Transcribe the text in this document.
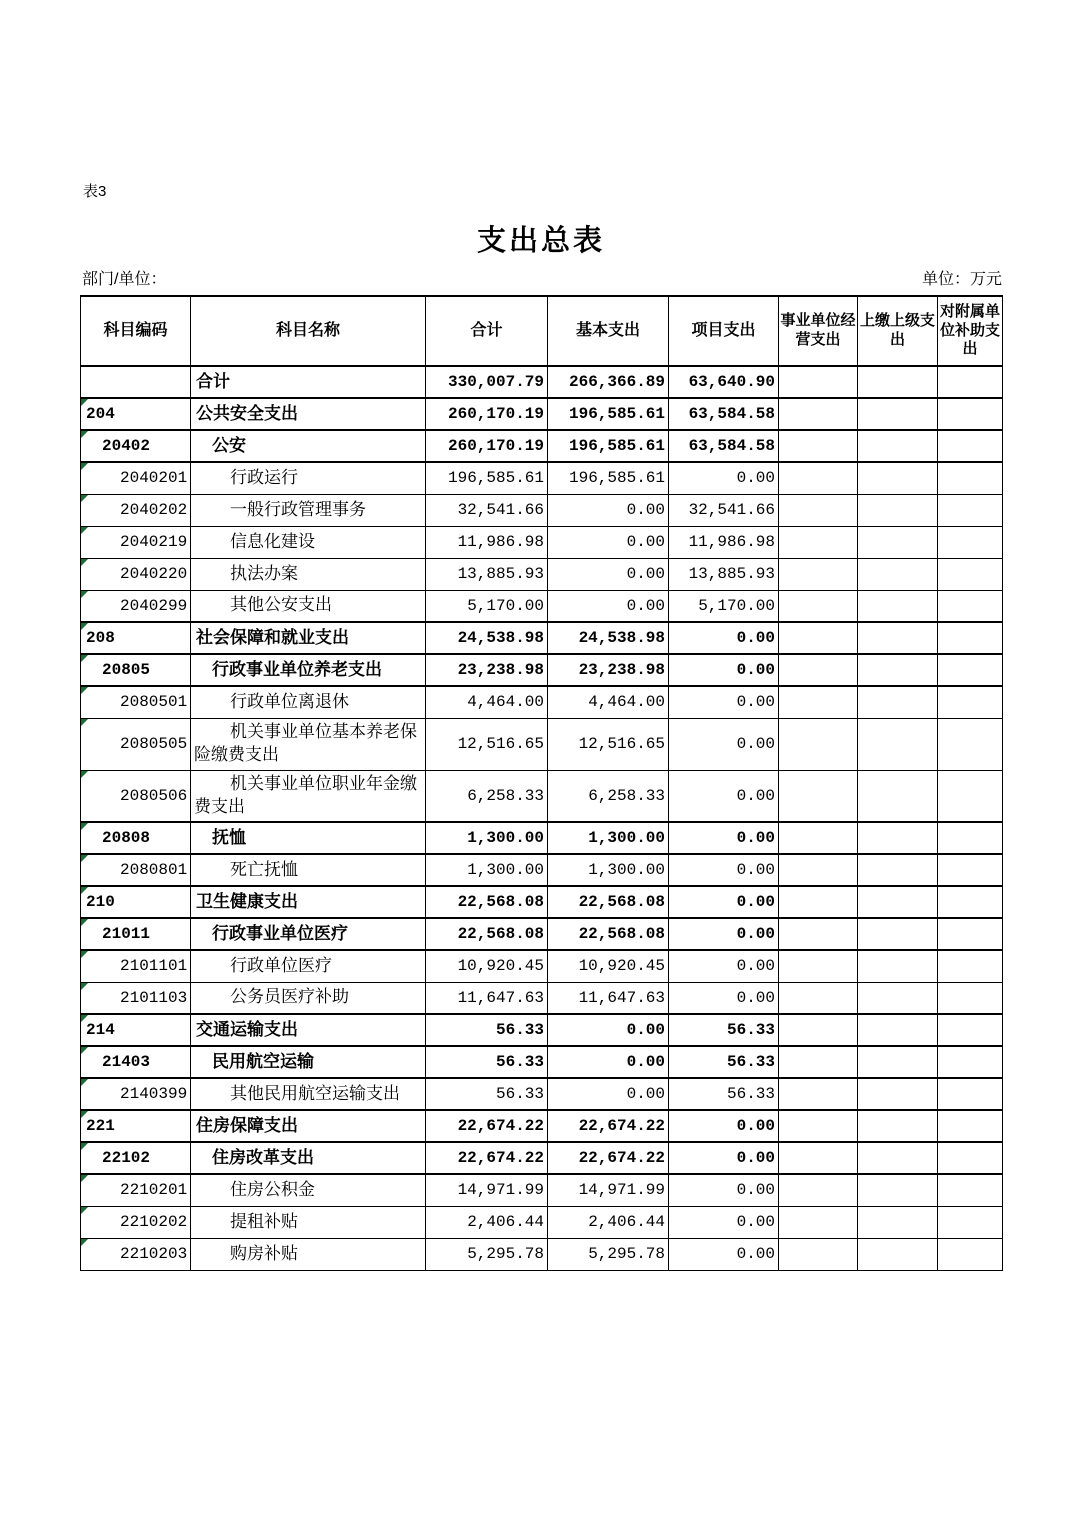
表3
支出总表
部门/单位：	单位：万元
科目编码	科目名称	合计	基本支出	项目支出	事业单位经营支出	上缴上级支出	对附属单位补助支出
	合计	330,007.79	266,366.89	63,640.90			

204	公共安全支出	260,170.19	196,585.61	63,584.58			

20402	公安	260,170.19	196,585.61	63,584.58			

2040201	行政运行	196,585.61	196,585.61	0.00			

2040202	一般行政管理事务	32,541.66	0.00	32,541.66			

2040219	信息化建设	11,986.98	0.00	11,986.98			

2040220	执法办案	13,885.93	0.00	13,885.93			

2040299	其他公安支出	5,170.00	0.00	5,170.00			

208	社会保障和就业支出	24,538.98	24,538.98	0.00			

20805	行政事业单位养老支出	23,238.98	23,238.98	0.00			

2080501	行政单位离退休	4,464.00	4,464.00	0.00			

2080505	机关事业单位基本养老保险缴费支出	12,516.65	12,516.65	0.00			

2080506	机关事业单位职业年金缴费支出	6,258.33	6,258.33	0.00			

20808	抚恤	1,300.00	1,300.00	0.00			

2080801	死亡抚恤	1,300.00	1,300.00	0.00			

210	卫生健康支出	22,568.08	22,568.08	0.00			

21011	行政事业单位医疗	22,568.08	22,568.08	0.00			

2101101	行政单位医疗	10,920.45	10,920.45	0.00			

2101103	公务员医疗补助	11,647.63	11,647.63	0.00			

214	交通运输支出	56.33	0.00	56.33			

21403	民用航空运输	56.33	0.00	56.33			

2140399	其他民用航空运输支出	56.33	0.00	56.33			

221	住房保障支出	22,674.22	22,674.22	0.00			

22102	住房改革支出	22,674.22	22,674.22	0.00			

2210201	住房公积金	14,971.99	14,971.99	0.00			

2210202	提租补贴	2,406.44	2,406.44	0.00			

2210203	购房补贴	5,295.78	5,295.78	0.00			
